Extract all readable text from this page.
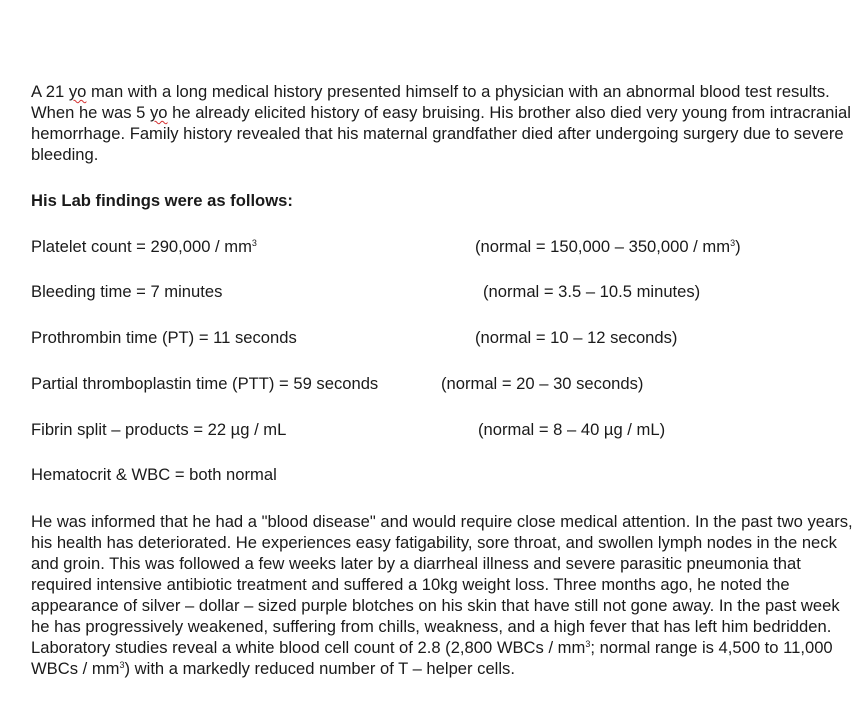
A 21 yo man with a long medical history presented himself to a physician with an abnormal blood test results. When he was 5 yo he already elicited history of easy bruising. His brother also died very young from intracranial hemorrhage. Family history revealed that his maternal grandfather died after undergoing surgery due to severe bleeding.

His Lab findings were as follows:

Platelet count = $290,000 / mm^3$	(normal = $150,000 - 350,000 / mm^3$)
Bleeding time = 7 minutes	(normal = 3.5 – 10.5 minutes)
Prothrombin time (PT) = 11 seconds	(normal = 10 – 12 seconds)
Partial thromboplastin time (PTT) = 59 seconds	(normal = 20 – 30 seconds)
Fibrin split – products = 22 µg / mL	(normal = 8 – 40 µg / mL)
Hematocrit & WBC = both normal

He was informed that he had a "blood disease" and would require close medical attention. In the past two years, his health has deteriorated. He experiences easy fatigability, sore throat, and swollen lymph nodes in the neck and groin. This was followed a few weeks later by a diarrheal illness and severe parasitic pneumonia that required intensive antibiotic treatment and suffered a 10kg weight loss. Three months ago, he noted the appearance of silver – dollar – sized purple blotches on his skin that have still not gone away. In the past week he has progressively weakened, suffering from chills, weakness, and a high fever that has left him bedridden. Laboratory studies reveal a white blood cell count of 2.8 (2,800 WBCs / $mm^3$; normal range is 4,500 to 11,000 WBCs / $mm^3$) with a markedly reduced number of T – helper cells.
